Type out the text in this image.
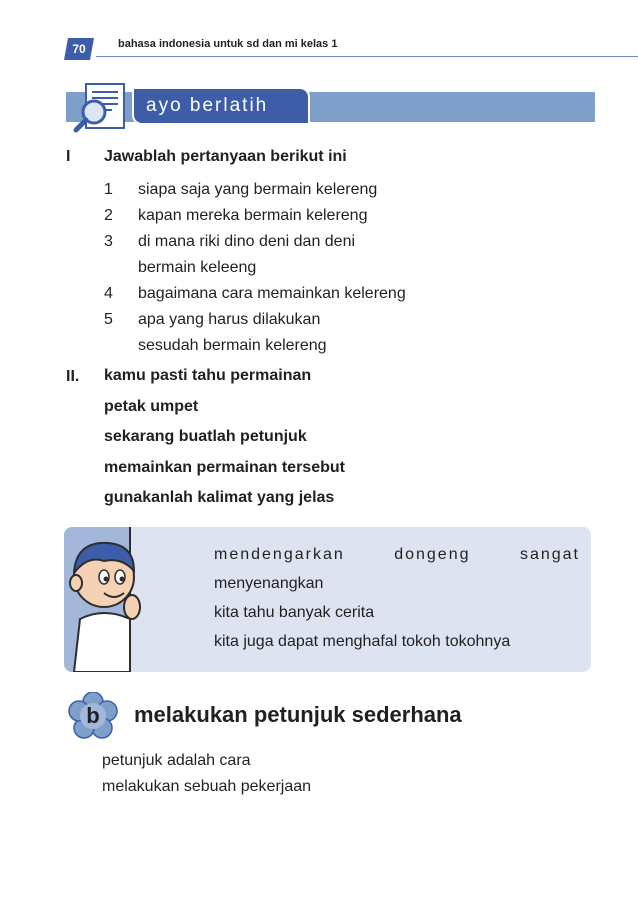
70	bahasa indonesia untuk sd dan mi kelas 1
ayo berlatih
I Jawablah pertanyaan berikut ini
1	siapa saja yang bermain kelereng
2	kapan mereka bermain kelereng
3	di mana riki dino deni dan deni
bermain keleeng
4	bagaimana cara memainkan kelereng
5	apa yang harus dilakukan
sesudah bermain kelereng
II. kamu pasti tahu permainan
petak umpet
sekarang buatlah petunjuk
memainkan permainan tersebut
gunakanlah kalimat yang jelas
mendengarkan	dongeng	sangat
menyenangkan
kita tahu banyak cerita
kita juga dapat menghafal tokoh tokohnya
b	melakukan petunjuk sederhana
petunjuk adalah cara
melakukan sebuah pekerjaan
